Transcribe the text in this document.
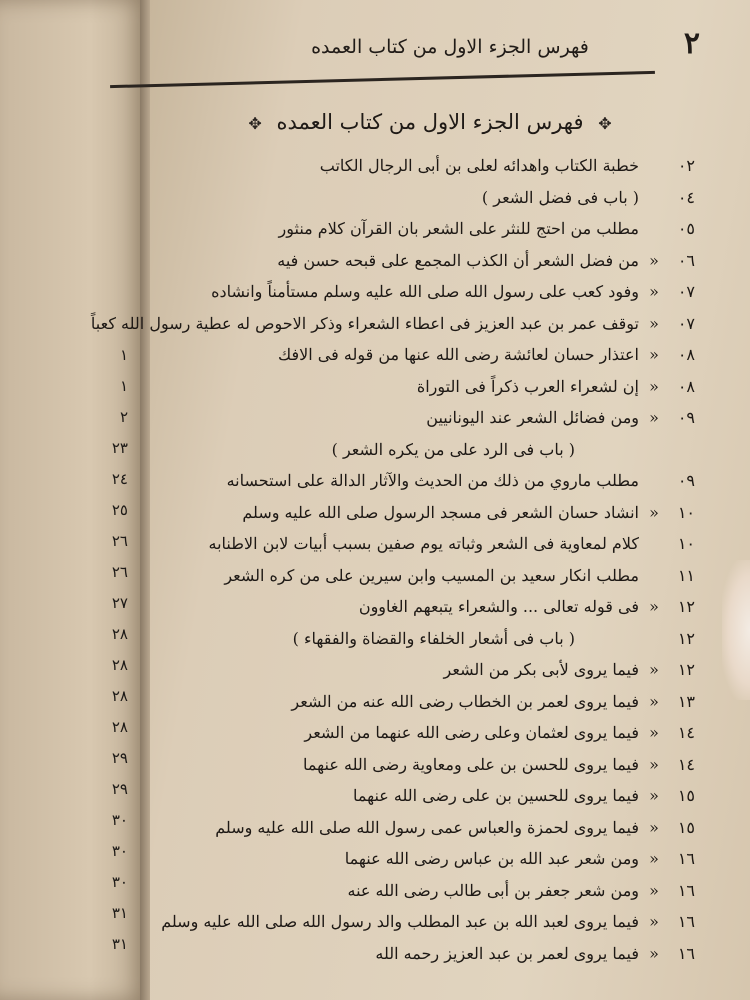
١
١
٢
٢٣
٢٤
٢٥
٢٦
٢٦
٢٧
٢٨
٢٨
٢٨
٢٨
٢٩
٢٩
٣٠
٣٠
٣٠
٣١
٣١
٢
فهرس الجزء الاول من كتاب العمده
✥ فهرس الجزء الاول من كتاب العمده ✥
٠٢
خطبة الكتاب واهدائه لعلى بن أبى الرجال الكاتب
٠٤
( باب فى فضل الشعر )
٠٥
مطلب من احتج للنثر على الشعر بان القرآن كلام منثور
٠٦
«
من فضل الشعر أن الكذب المجمع على قبحه حسن فيه
٠٧
«
وفود كعب على رسول الله صلى الله عليه وسلم مستأمناً وانشاده
٠٧
«
توقف عمر بن عبد العزيز فى اعطاء الشعراء وذكر الاحوص له عطية رسول الله كعباً
٠٨
«
اعتذار حسان لعائشة رضى الله عنها من قوله فى الافك
٠٨
«
إن لشعراء العرب ذكراً فى التوراة
٠٩
«
ومن فضائل الشعر عند اليونانيين
( باب فى الرد على من يكره الشعر )
٠٩
مطلب ماروي من ذلك من الحديث والآثار الدالة على استحسانه
١٠
«
انشاد حسان الشعر فى مسجد الرسول صلى الله عليه وسلم
١٠
كلام لمعاوية فى الشعر وثباته يوم صفين بسبب أبيات لابن الاطنابه
١١
مطلب انكار سعيد بن المسيب وابن سيرين على من كره الشعر
١٢
«
فى قوله تعالى ... والشعراء يتبعهم الغاوون
١٢
( باب فى أشعار الخلفاء والقضاة والفقهاء )
١٢
«
فيما يروى لأبى بكر من الشعر
١٣
«
فيما يروى لعمر بن الخطاب رضى الله عنه من الشعر
١٤
«
فيما يروى لعثمان وعلى رضى الله عنهما من الشعر
١٤
«
فيما يروى للحسن بن على ومعاوية رضى الله عنهما
١٥
«
فيما يروى للحسين بن على رضى الله عنهما
١٥
«
فيما يروى لحمزة والعباس عمى رسول الله صلى الله عليه وسلم
١٦
«
ومن شعر عبد الله بن عباس رضى الله عنهما
١٦
«
ومن شعر جعفر بن أبى طالب رضى الله عنه
١٦
«
فيما يروى لعبد الله بن عبد المطلب والد رسول الله صلى الله عليه وسلم
١٦
«
فيما يروى لعمر بن عبد العزيز رحمه الله
